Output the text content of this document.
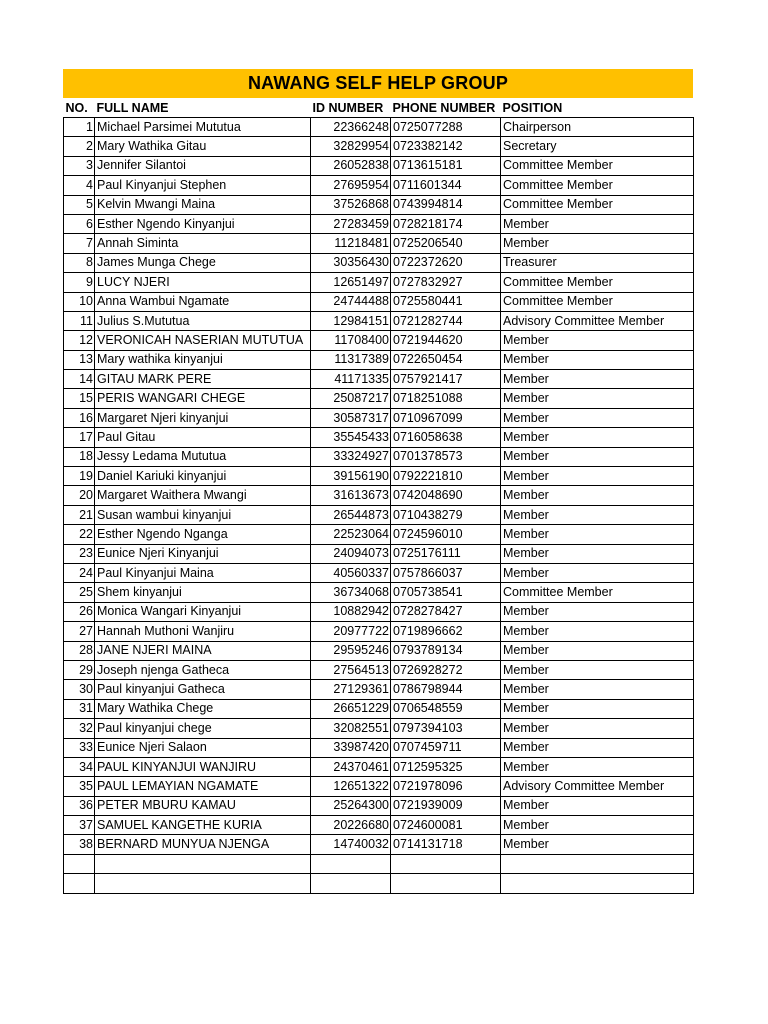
NAWANG SELF HELP GROUP
NO.	FULL NAME	ID NUMBER	PHONE NUMBER	POSITION
1	Michael Parsimei Mututua	22366248	0725077288	Chairperson
2	Mary Wathika Gitau	32829954	0723382142	Secretary
3	Jennifer Silantoi	26052838	0713615181	Committee Member
4	Paul Kinyanjui Stephen	27695954	0711601344	Committee Member
5	Kelvin Mwangi Maina	37526868	0743994814	Committee Member
6	Esther Ngendo Kinyanjui	27283459	0728218174	Member
7	Annah Siminta	11218481	0725206540	Member
8	James Munga Chege	30356430	0722372620	Treasurer
9	LUCY NJERI	12651497	0727832927	Committee Member
10	Anna Wambui Ngamate	24744488	0725580441	Committee Member
11	Julius S.Mututua	12984151	0721282744	Advisory Committee Member
12	VERONICAH NASERIAN MUTUTUA	11708400	0721944620	Member
13	Mary wathika kinyanjui	11317389	0722650454	Member
14	GITAU MARK PERE	41171335	0757921417	Member
15	PERIS WANGARI CHEGE	25087217	0718251088	Member
16	Margaret Njeri kinyanjui	30587317	0710967099	Member
17	Paul Gitau	35545433	0716058638	Member
18	Jessy Ledama Mututua	33324927	0701378573	Member
19	Daniel Kariuki kinyanjui	39156190	0792221810	Member
20	Margaret Waithera Mwangi	31613673	0742048690	Member
21	Susan wambui kinyanjui	26544873	0710438279	Member
22	Esther Ngendo Nganga	22523064	0724596010	Member
23	Eunice Njeri Kinyanjui	24094073	0725176111	Member
24	Paul Kinyanjui Maina	40560337	0757866037	Member
25	Shem kinyanjui	36734068	0705738541	Committee Member
26	Monica Wangari Kinyanjui	10882942	0728278427	Member
27	Hannah Muthoni Wanjiru	20977722	0719896662	Member
28	JANE NJERI MAINA	29595246	0793789134	Member
29	Joseph njenga Gatheca	27564513	0726928272	Member
30	Paul kinyanjui Gatheca	27129361	0786798944	Member
31	Mary Wathika Chege	26651229	0706548559	Member
32	Paul kinyanjui chege	32082551	0797394103	Member
33	Eunice Njeri Salaon	33987420	0707459711	Member
34	PAUL KINYANJUI WANJIRU	24370461	0712595325	Member
35	PAUL LEMAYIAN NGAMATE	12651322	0721978096	Advisory Committee Member
36	PETER MBURU KAMAU	25264300	0721939009	Member
37	SAMUEL KANGETHE KURIA	20226680	0724600081	Member
38	BERNARD MUNYUA NJENGA	14740032	0714131718	Member
